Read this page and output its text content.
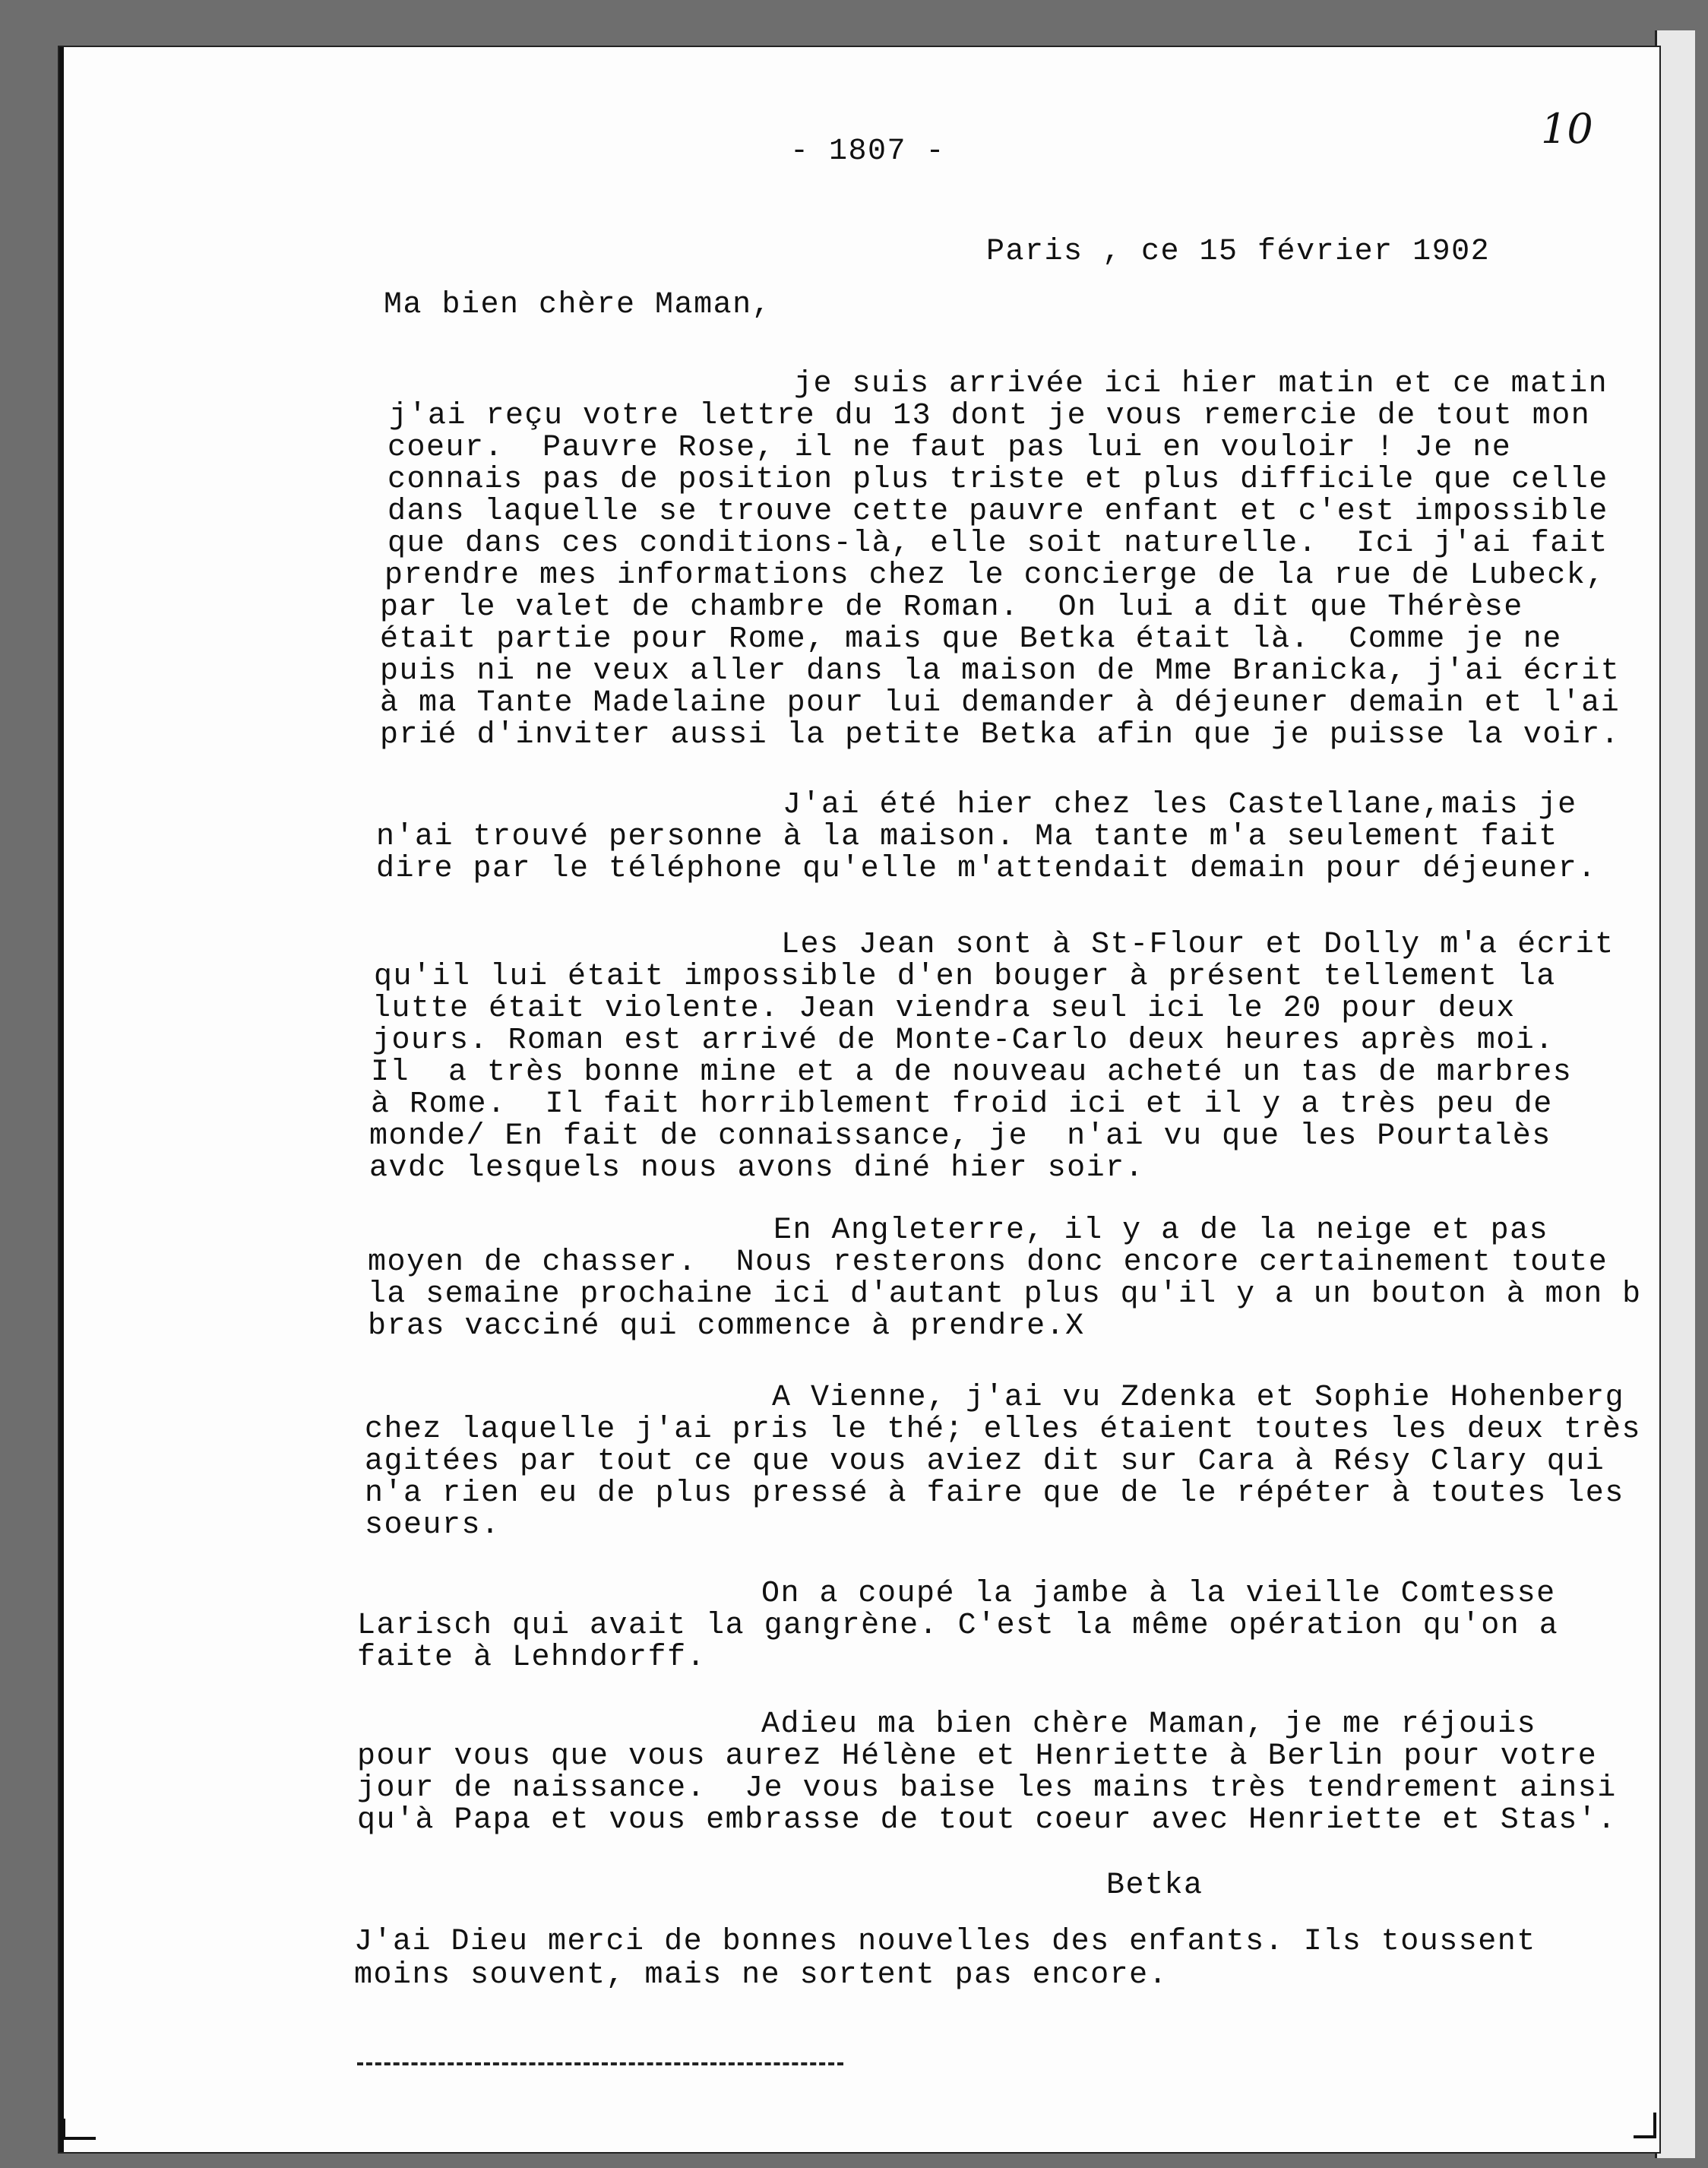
10
- 1807 -
Paris , ce 15 février 1902
Ma bien chère Maman,
je suis arrivée ici hier matin et ce matin
j'ai reçu votre lettre du 13 dont je vous remercie de tout mon
coeur.  Pauvre Rose, il ne faut pas lui en vouloir ! Je ne
connais pas de position plus triste et plus difficile que celle
dans laquelle se trouve cette pauvre enfant et c'est impossible
que dans ces conditions-là, elle soit naturelle.  Ici j'ai fait
prendre mes informations chez le concierge de la rue de Lubeck,
par le valet de chambre de Roman.  On lui a dit que Thérèse
était partie pour Rome, mais que Betka était là.  Comme je ne
puis ni ne veux aller dans la maison de Mme Branicka, j'ai écrit
à ma Tante Madelaine pour lui demander à déjeuner demain et l'ai
prié d'inviter aussi la petite Betka afin que je puisse la voir.
J'ai été hier chez les Castellane,mais je
n'ai trouvé personne à la maison. Ma tante m'a seulement fait
dire par le téléphone qu'elle m'attendait demain pour déjeuner.
Les Jean sont à St-Flour et Dolly m'a écrit
qu'il lui était impossible d'en bouger à présent tellement la
lutte était violente. Jean viendra seul ici le 20 pour deux
jours. Roman est arrivé de Monte-Carlo deux heures après moi.
Il  a très bonne mine et a de nouveau acheté un tas de marbres
à Rome.  Il fait horriblement froid ici et il y a très peu de
monde/ En fait de connaissance, je  n'ai vu que les Pourtalès
avdc lesquels nous avons diné hier soir.
En Angleterre, il y a de la neige et pas
moyen de chasser.  Nous resterons donc encore certainement toute
la semaine prochaine ici d'autant plus qu'il y a un bouton à mon b
bras vacciné qui commence à prendre.X
A Vienne, j'ai vu Zdenka et Sophie Hohenberg
chez laquelle j'ai pris le thé; elles étaient toutes les deux très
agitées par tout ce que vous aviez dit sur Cara à Résy Clary qui
n'a rien eu de plus pressé à faire que de le répéter à toutes les
soeurs.
On a coupé la jambe à la vieille Comtesse
Larisch qui avait la gangrène. C'est la même opération qu'on a
faite à Lehndorff.
Adieu ma bien chère Maman, je me réjouis
pour vous que vous aurez Hélène et Henriette à Berlin pour votre
jour de naissance.  Je vous baise les mains très tendrement ainsi
qu'à Papa et vous embrasse de tout coeur avec Henriette et Stas'.
Betka
J'ai Dieu merci de bonnes nouvelles des enfants. Ils toussent
moins souvent, mais ne sortent pas encore.
